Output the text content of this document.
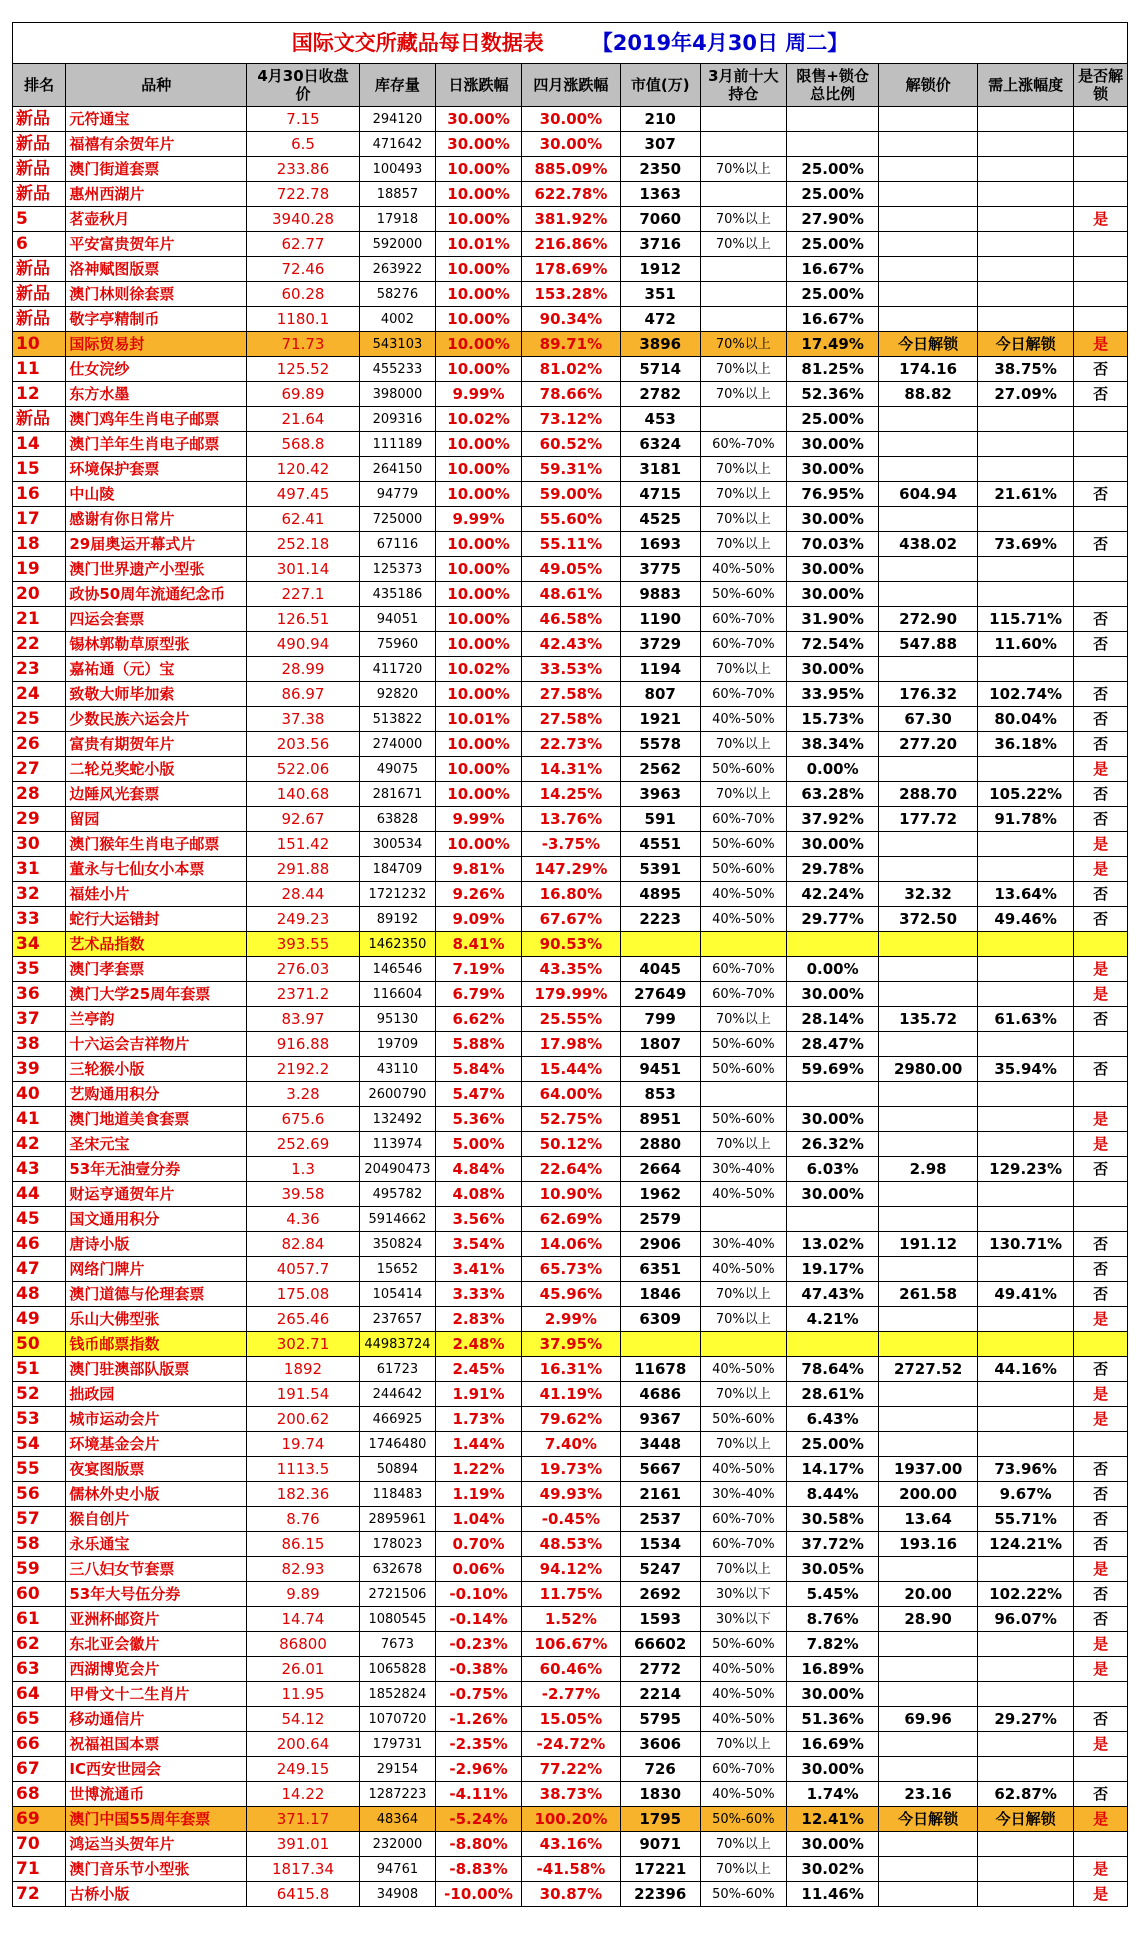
国际文交所藏品每日数据表 【2019年4月30日 周二】											
排名	品种	4月30日收盘价	库存量	日涨跌幅	四月涨跌幅	市值(万)	3月前十大持仓	限售+锁仓总比例	解锁价	需上涨幅度	是否解锁
新品	元符通宝	7.15	294120	30.00%	30.00%	210					
新品	福禧有余贺年片	6.5	471642	30.00%	30.00%	307					
新品	澳门街道套票	233.86	100493	10.00%	885.09%	2350	70%以上	25.00%			
新品	惠州西湖片	722.78	18857	10.00%	622.78%	1363		25.00%			
5	茗壶秋月	3940.28	17918	10.00%	381.92%	7060	70%以上	27.90%			是
6	平安富贵贺年片	62.77	592000	10.01%	216.86%	3716	70%以上	25.00%			
新品	洛神赋图版票	72.46	263922	10.00%	178.69%	1912		16.67%			
新品	澳门林则徐套票	60.28	58276	10.00%	153.28%	351		25.00%			
新品	敬字亭精制币	1180.1	4002	10.00%	90.34%	472		16.67%			
10	国际贸易封	71.73	543103	10.00%	89.71%	3896	70%以上	17.49%	今日解锁	今日解锁	是
11	仕女浣纱	125.52	455233	10.00%	81.02%	5714	70%以上	81.25%	174.16	38.75%	否
12	东方水墨	69.89	398000	9.99%	78.66%	2782	70%以上	52.36%	88.82	27.09%	否
新品	澳门鸡年生肖电子邮票	21.64	209316	10.02%	73.12%	453		25.00%			
14	澳门羊年生肖电子邮票	568.8	111189	10.00%	60.52%	6324	60%-70%	30.00%			
15	环境保护套票	120.42	264150	10.00%	59.31%	3181	70%以上	30.00%			
16	中山陵	497.45	94779	10.00%	59.00%	4715	70%以上	76.95%	604.94	21.61%	否
17	感谢有你日常片	62.41	725000	9.99%	55.60%	4525	70%以上	30.00%			
18	29届奥运开幕式片	252.18	67116	10.00%	55.11%	1693	70%以上	70.03%	438.02	73.69%	否
19	澳门世界遗产小型张	301.14	125373	10.00%	49.05%	3775	40%-50%	30.00%			
20	政协50周年流通纪念币	227.1	435186	10.00%	48.61%	9883	50%-60%	30.00%			
21	四运会套票	126.51	94051	10.00%	46.58%	1190	60%-70%	31.90%	272.90	115.71%	否
22	锡林郭勒草原型张	490.94	75960	10.00%	42.43%	3729	60%-70%	72.54%	547.88	11.60%	否
23	嘉祐通（元）宝	28.99	411720	10.02%	33.53%	1194	70%以上	30.00%			
24	致敬大师毕加索	86.97	92820	10.00%	27.58%	807	60%-70%	33.95%	176.32	102.74%	否
25	少数民族六运会片	37.38	513822	10.01%	27.58%	1921	40%-50%	15.73%	67.30	80.04%	否
26	富贵有期贺年片	203.56	274000	10.00%	22.73%	5578	70%以上	38.34%	277.20	36.18%	否
27	二轮兑奖蛇小版	522.06	49075	10.00%	14.31%	2562	50%-60%	0.00%			是
28	边陲风光套票	140.68	281671	10.00%	14.25%	3963	70%以上	63.28%	288.70	105.22%	否
29	留园	92.67	63828	9.99%	13.76%	591	60%-70%	37.92%	177.72	91.78%	否
30	澳门猴年生肖电子邮票	151.42	300534	10.00%	-3.75%	4551	50%-60%	30.00%			是
31	董永与七仙女小本票	291.88	184709	9.81%	147.29%	5391	50%-60%	29.78%			是
32	福娃小片	28.44	1721232	9.26%	16.80%	4895	40%-50%	42.24%	32.32	13.64%	否
33	蛇行大运错封	249.23	89192	9.09%	67.67%	2223	40%-50%	29.77%	372.50	49.46%	否
34	艺术品指数	393.55	1462350	8.41%	90.53%						
35	澳门孝套票	276.03	146546	7.19%	43.35%	4045	60%-70%	0.00%			是
36	澳门大学25周年套票	2371.2	116604	6.79%	179.99%	27649	60%-70%	30.00%			是
37	兰亭韵	83.97	95130	6.62%	25.55%	799	70%以上	28.14%	135.72	61.63%	否
38	十六运会吉祥物片	916.88	19709	5.88%	17.98%	1807	50%-60%	28.47%			
39	三轮猴小版	2192.2	43110	5.84%	15.44%	9451	50%-60%	59.69%	2980.00	35.94%	否
40	艺购通用积分	3.28	2600790	5.47%	64.00%	853					
41	澳门地道美食套票	675.6	132492	5.36%	52.75%	8951	50%-60%	30.00%			是
42	圣宋元宝	252.69	113974	5.00%	50.12%	2880	70%以上	26.32%			是
43	53年无油壹分券	1.3	20490473	4.84%	22.64%	2664	30%-40%	6.03%	2.98	129.23%	否
44	财运亨通贺年片	39.58	495782	4.08%	10.90%	1962	40%-50%	30.00%			
45	国文通用积分	4.36	5914662	3.56%	62.69%	2579					
46	唐诗小版	82.84	350824	3.54%	14.06%	2906	30%-40%	13.02%	191.12	130.71%	否
47	网络门牌片	4057.7	15652	3.41%	65.73%	6351	40%-50%	19.17%			否
48	澳门道德与伦理套票	175.08	105414	3.33%	45.96%	1846	70%以上	47.43%	261.58	49.41%	否
49	乐山大佛型张	265.46	237657	2.83%	2.99%	6309	70%以上	4.21%			是
50	钱币邮票指数	302.71	44983724	2.48%	37.95%						
51	澳门驻澳部队版票	1892	61723	2.45%	16.31%	11678	40%-50%	78.64%	2727.52	44.16%	否
52	拙政园	191.54	244642	1.91%	41.19%	4686	70%以上	28.61%			是
53	城市运动会片	200.62	466925	1.73%	79.62%	9367	50%-60%	6.43%			是
54	环境基金会片	19.74	1746480	1.44%	7.40%	3448	70%以上	25.00%			
55	夜宴图版票	1113.5	50894	1.22%	19.73%	5667	40%-50%	14.17%	1937.00	73.96%	否
56	儒林外史小版	182.36	118483	1.19%	49.93%	2161	30%-40%	8.44%	200.00	9.67%	否
57	猴自创片	8.76	2895961	1.04%	-0.45%	2537	60%-70%	30.58%	13.64	55.71%	否
58	永乐通宝	86.15	178023	0.70%	48.53%	1534	60%-70%	37.72%	193.16	124.21%	否
59	三八妇女节套票	82.93	632678	0.06%	94.12%	5247	70%以上	30.05%			是
60	53年大号伍分券	9.89	2721506	-0.10%	11.75%	2692	30%以下	5.45%	20.00	102.22%	否
61	亚洲杯邮资片	14.74	1080545	-0.14%	1.52%	1593	30%以下	8.76%	28.90	96.07%	否
62	东北亚会徽片	86800	7673	-0.23%	106.67%	66602	50%-60%	7.82%			是
63	西湖博览会片	26.01	1065828	-0.38%	60.46%	2772	40%-50%	16.89%			是
64	甲骨文十二生肖片	11.95	1852824	-0.75%	-2.77%	2214	40%-50%	30.00%			
65	移动通信片	54.12	1070720	-1.26%	15.05%	5795	40%-50%	51.36%	69.96	29.27%	否
66	祝福祖国本票	200.64	179731	-2.35%	-24.72%	3606	70%以上	16.69%			是
67	IC西安世园会	249.15	29154	-2.96%	77.22%	726	60%-70%	30.00%			
68	世博流通币	14.22	1287223	-4.11%	38.73%	1830	40%-50%	1.74%	23.16	62.87%	否
69	澳门中国55周年套票	371.17	48364	-5.24%	100.20%	1795	50%-60%	12.41%	今日解锁	今日解锁	是
70	鸿运当头贺年片	391.01	232000	-8.80%	43.16%	9071	70%以上	30.00%			
71	澳门音乐节小型张	1817.34	94761	-8.83%	-41.58%	17221	70%以上	30.02%			是
72	古桥小版	6415.8	34908	-10.00%	30.87%	22396	50%-60%	11.46%			是
